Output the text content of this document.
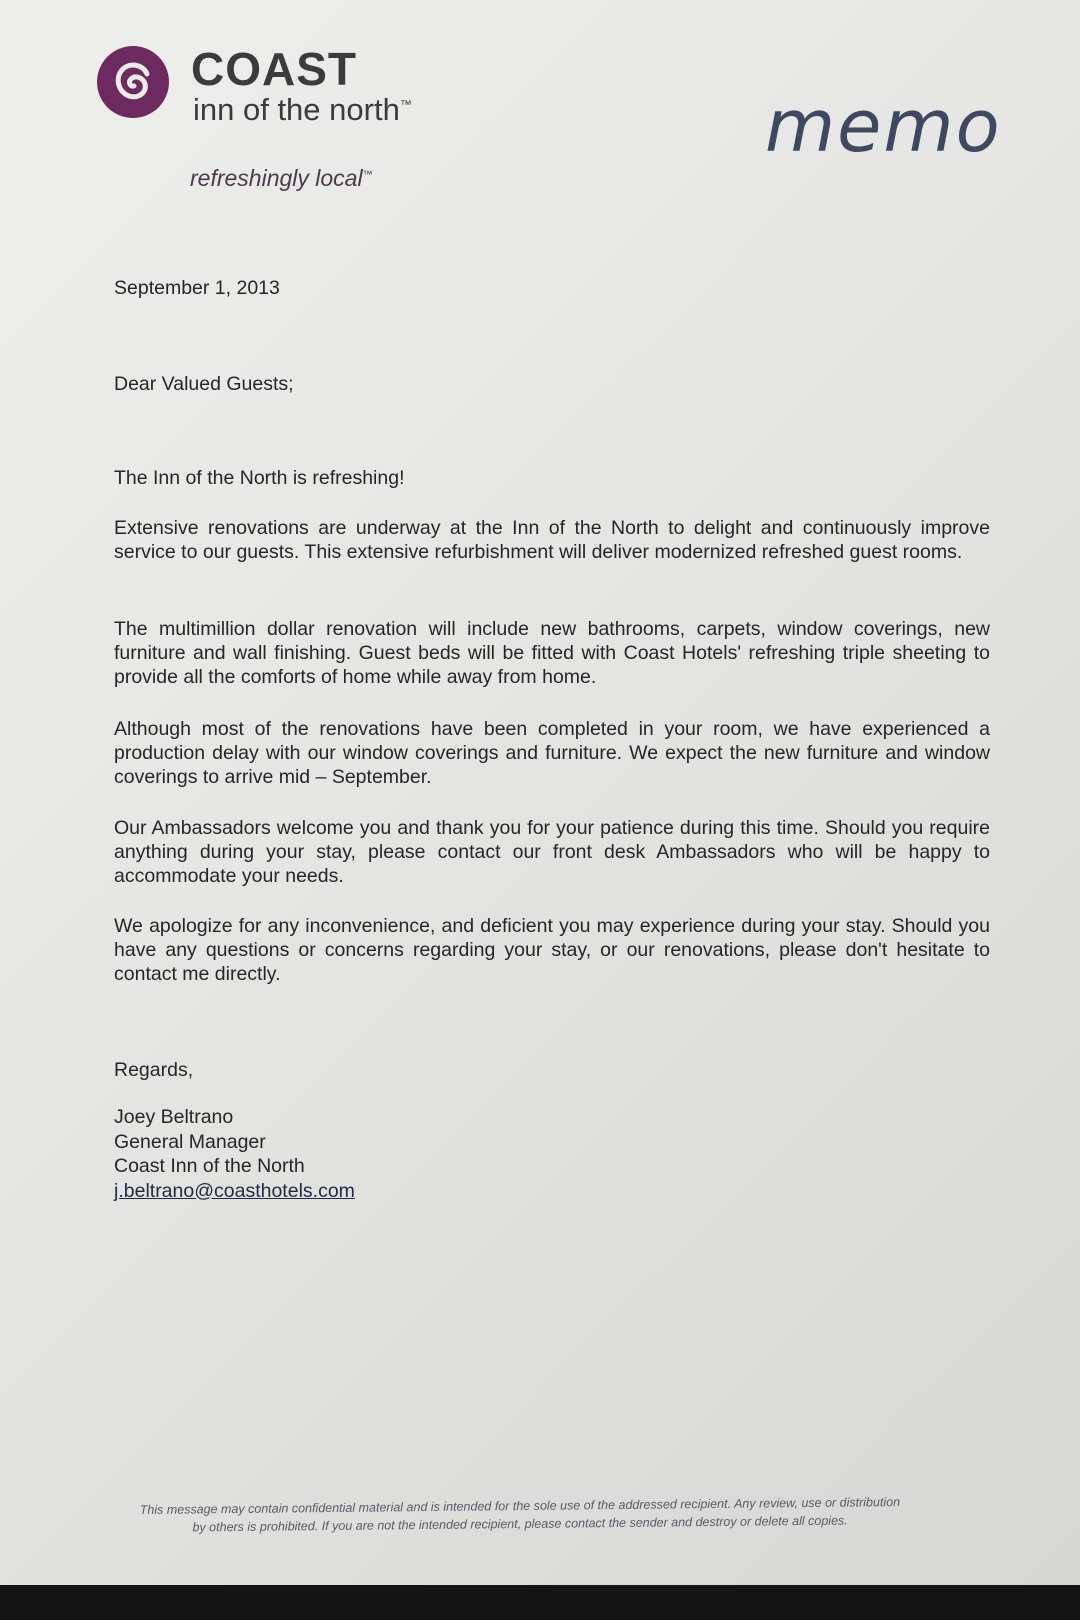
COAST
inn of the north™
refreshingly local™
memo
September 1, 2013
Dear Valued Guests;
The Inn of the North is refreshing!
Extensive renovations are underway at the Inn of the North to delight and continuously improve service to our guests. This extensive refurbishment will deliver modernized refreshed guest rooms.
The multimillion dollar renovation will include new bathrooms, carpets, window coverings, new furniture and wall finishing. Guest beds will be fitted with Coast Hotels' refreshing triple sheeting to provide all the comforts of home while away from home.
Although most of the renovations have been completed in your room, we have experienced a production delay with our window coverings and furniture. We expect the new furniture and window coverings to arrive mid – September.
Our Ambassadors welcome you and thank you for your patience during this time. Should you require anything during your stay, please contact our front desk Ambassadors who will be happy to accommodate your needs.
We apologize for any inconvenience, and deficient you may experience during your stay. Should you have any questions or concerns regarding your stay, or our renovations, please don't hesitate to contact me directly.
Regards,
Joey Beltrano
General Manager
Coast Inn of the North
j.beltrano@coasthotels.com
This message may contain confidential material and is intended for the sole use of the addressed recipient. Any review, use or distribution
by others is prohibited. If you are not the intended recipient, please contact the sender and destroy or delete all copies.
